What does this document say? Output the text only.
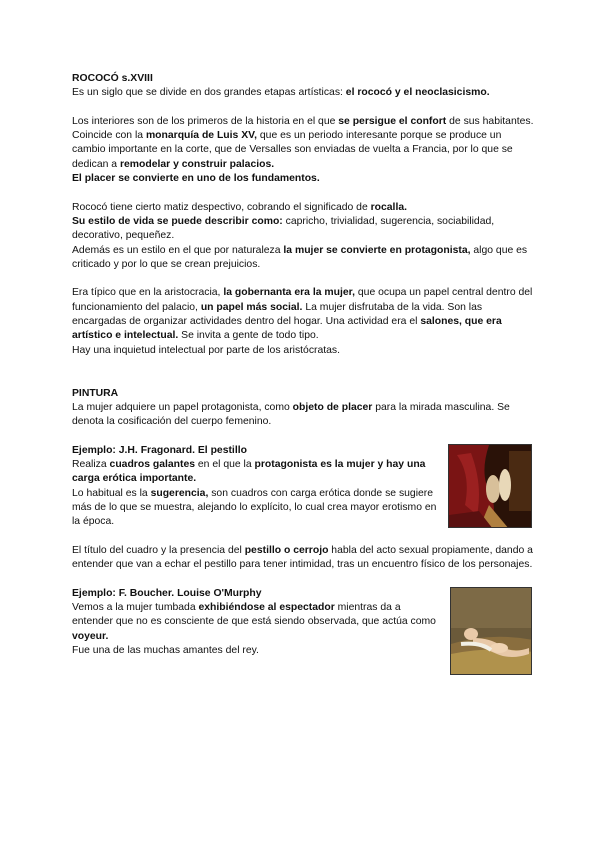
ROCOCÓ s.XVIII

Es un siglo que se divide en dos grandes etapas artísticas: el rococó y el neoclasicismo.

Los interiores son de los primeros de la historia en el que se persigue el confort de sus habitantes.

Coincide con la monarquía de Luis XV, que es un periodo interesante porque se produce un cambio importante en la corte, que de Versalles son enviadas de vuelta a Francia, por lo que se dedican a remodelar y construir palacios.

El placer se convierte en uno de los fundamentos.

Rococó tiene cierto matiz despectivo, cobrando el significado de rocalla.

Su estilo de vida se puede describir como: capricho, trivialidad, sugerencia, sociabilidad, decorativo, pequeñez.

Además es un estilo en el que por naturaleza la mujer se convierte en protagonista, algo que es criticado y por lo que se crean prejuicios.

Era típico que en la aristocracia, la gobernanta era la mujer, que ocupa un papel central dentro del funcionamiento del palacio, un papel más social. La mujer disfrutaba de la vida. Son las encargadas de organizar actividades dentro del hogar. Una actividad era el salones, que era artístico e intelectual. Se invita a gente de todo tipo.

Hay una inquietud intelectual por parte de los aristócratas.

PINTURA

La mujer adquiere un papel protagonista, como objeto de placer para la mirada masculina. Se denota la cosificación del cuerpo femenino.

Ejemplo: J.H. Fragonard. El pestillo

Realiza cuadros galantes en el que la protagonista es la mujer y hay una carga erótica importante.

Lo habitual es la sugerencia, son cuadros con carga erótica donde se sugiere más de lo que se muestra, alejando lo explícito, lo cual crea mayor erotismo en la época.

El título del cuadro y la presencia del pestillo o cerrojo habla del acto sexual propiamente, dando a entender que van a echar el pestillo para tener intimidad, tras un encuentro físico de los personajes.

Ejemplo: F. Boucher. Louise O'Murphy

Vemos a la mujer tumbada exhibiéndose al espectador mientras da a entender que no es consciente de que está siendo observada, que actúa como voyeur.

Fue una de las muchas amantes del rey.
